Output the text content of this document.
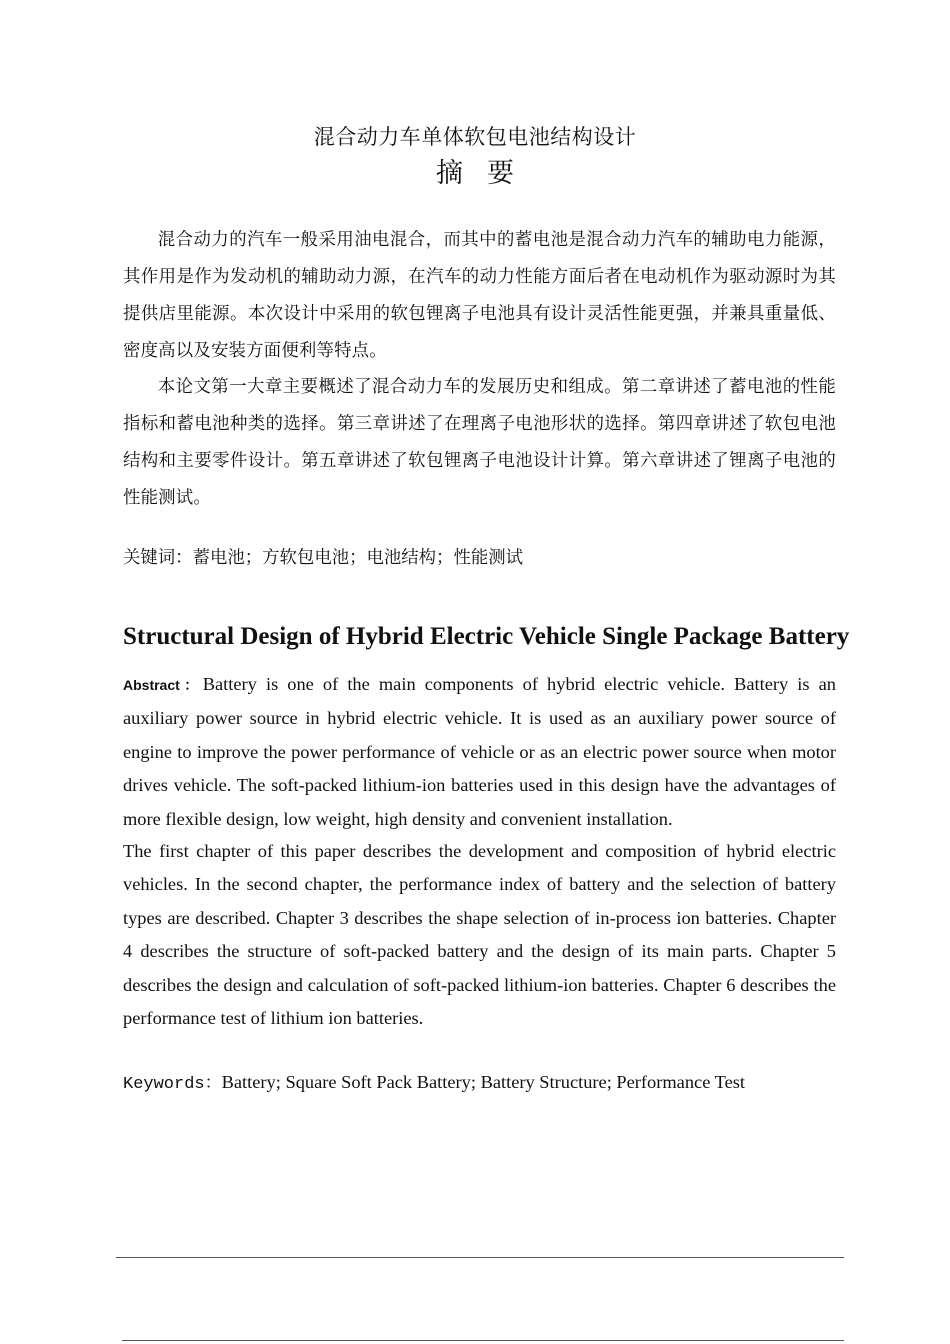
混合动力车单体软包电池结构设计
摘要

混合动力的汽车一般采用油电混合，而其中的蓄电池是混合动力汽车的辅助电力能源，其作用是作为发动机的辅助动力源，在汽车的动力性能方面后者在电动机作为驱动源时为其提供店里能源。本次设计中采用的软包锂离子电池具有设计灵活性能更强，并兼具重量低、密度高以及安装方面便利等特点。

本论文第一大章主要概述了混合动力车的发展历史和组成。第二章讲述了蓄电池的性能指标和蓄电池种类的选择。第三章讲述了在理离子电池形状的选择。第四章讲述了软包电池结构和主要零件设计。第五章讲述了软包锂离子电池设计计算。第六章讲述了锂离子电池的性能测试。

关键词：蓄电池；方软包电池；电池结构；性能测试

Structural Design of Hybrid Electric Vehicle Single Package Battery

Abstract：Battery is one of the main components of hybrid electric vehicle. Battery is an auxiliary power source in hybrid electric vehicle. It is used as an auxiliary power source of engine to improve the power performance of vehicle or as an electric power source when motor drives vehicle. The soft-packed lithium-ion batteries used in this design have the advantages of more flexible design, low weight, high density and convenient installation.

The first chapter of this paper describes the development and composition of hybrid electric vehicles. In the second chapter, the performance index of battery and the selection of battery types are described. Chapter 3 describes the shape selection of in-process ion batteries. Chapter 4 describes the structure of soft-packed battery and the design of its main parts. Chapter 5 describes the design and calculation of soft-packed lithium-ion batteries. Chapter 6 describes the performance test of lithium ion batteries.

Keywords：Battery; Square Soft Pack Battery; Battery Structure; Performance Test
